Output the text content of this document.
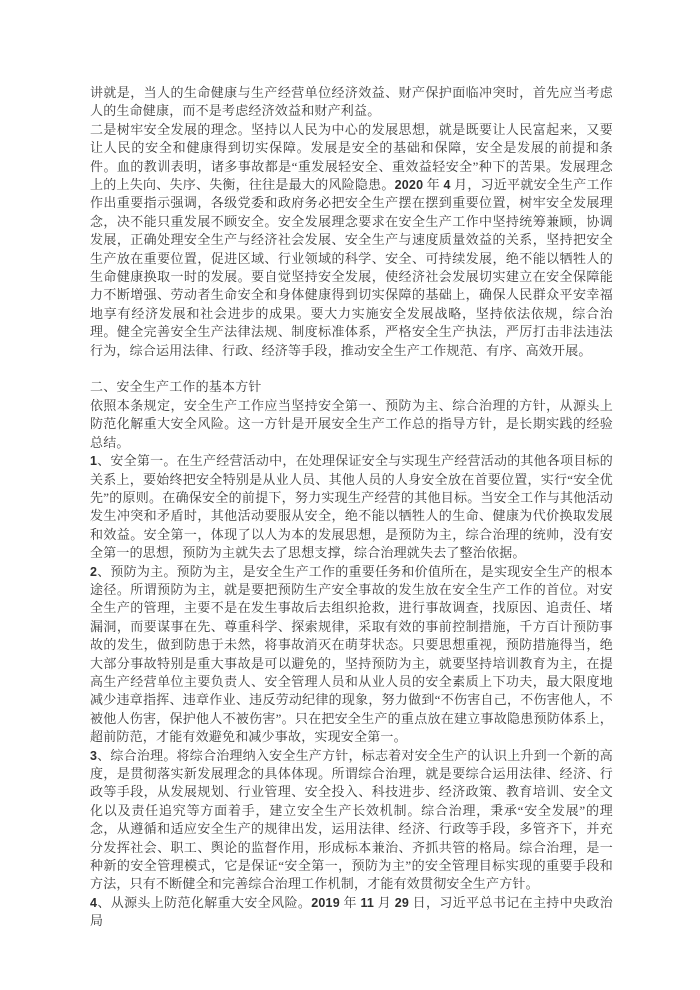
讲就是，当人的生命健康与生产经营单位经济效益、财产保护面临冲突时，首先应当考虑人的生命健康，而不是考虑经济效益和财产利益。

二是树牢安全发展的理念。坚持以人民为中心的发展思想，就是既要让人民富起来，又要让人民的安全和健康得到切实保障。发展是安全的基础和保障，安全是发展的前提和条件。血的教训表明，诸多事故都是“重发展轻安全、重效益轻安全”种下的苦果。发展理念上的上失向、失序、失衡，往往是最大的风险隐患。2020 年 4 月，习近平就安全生产工作作出重要指示强调，各级党委和政府务必把安全生产摆在摆到重要位置，树牢安全发展理念，决不能只重发展不顾安全。安全发展理念要求在安全生产工作中坚持统筹兼顾，协调发展，正确处理安全生产与经济社会发展、安全生产与速度质量效益的关系，坚持把安全生产放在重要位置，促进区域、行业领域的科学、安全、可持续发展，绝不能以牺牲人的生命健康换取一时的发展。要自觉坚持安全发展，使经济社会发展切实建立在安全保障能力不断增强、劳动者生命安全和身体健康得到切实保障的基础上，确保人民群众平安幸福地享有经济发展和社会进步的成果。要大力实施安全发展战略，坚持依法依规，综合治理。健全完善安全生产法律法规、制度标准体系，严格安全生产执法，严厉打击非法违法行为，综合运用法律、行政、经济等手段，推动安全生产工作规范、有序、高效开展。

二、安全生产工作的基本方针

依照本条规定，安全生产工作应当坚持安全第一、预防为主、综合治理的方针，从源头上防范化解重大安全风险。这一方针是开展安全生产工作总的指导方针，是长期实践的经验总结。

1、安全第一。在生产经营活动中，在处理保证安全与实现生产经营活动的其他各项目标的关系上，要始终把安全特别是从业人员、其他人员的人身安全放在首要位置，实行“安全优先”的原则。在确保安全的前提下，努力实现生产经营的其他目标。当安全工作与其他活动发生冲突和矛盾时，其他活动要服从安全，绝不能以牺牲人的生命、健康为代价换取发展和效益。安全第一，体现了以人为本的发展思想，是预防为主，综合治理的统帅，没有安全第一的思想，预防为主就失去了思想支撑，综合治理就失去了整治依据。

2、预防为主。预防为主，是安全生产工作的重要任务和价值所在，是实现安全生产的根本途径。所谓预防为主，就是要把预防生产安全事故的发生放在安全生产工作的首位。对安全生产的管理，主要不是在发生事故后去组织抢救，进行事故调查，找原因、追责任、堵漏洞，而要谋事在先、尊重科学、探索规律，采取有效的事前控制措施，千方百计预防事故的发生，做到防患于未然，将事故消灭在萌芽状态。只要思想重视，预防措施得当，绝大部分事故特别是重大事故是可以避免的，坚持预防为主，就要坚持培训教育为主，在提高生产经营单位主要负责人、安全管理人员和从业人员的安全素质上下功夫，最大限度地减少违章指挥、违章作业、违反劳动纪律的现象，努力做到“不伤害自己，不伤害他人，不被他人伤害，保护他人不被伤害”。只在把安全生产的重点放在建立事故隐患预防体系上，超前防范，才能有效避免和减少事故，实现安全第一。

3、综合治理。将综合治理纳入安全生产方针，标志着对安全生产的认识上升到一个新的高度，是贯彻落实新发展理念的具体体现。所谓综合治理，就是要综合运用法律、经济、行政等手段，从发展规划、行业管理、安全投入、科技进步、经济政策、教育培训、安全文化以及责任追究等方面着手，建立安全生产长效机制。综合治理，秉承“安全发展”的理念，从遵循和适应安全生产的规律出发，运用法律、经济、行政等手段，多管齐下，并充分发挥社会、职工、舆论的监督作用，形成标本兼治、齐抓共管的格局。综合治理，是一种新的安全管理模式，它是保证“安全第一，预防为主”的安全管理目标实现的重要手段和方法，只有不断健全和完善综合治理工作机制，才能有效贯彻安全生产方针。

4、从源头上防范化解重大安全风险。2019 年 11 月 29 日，习近平总书记在主持中央政治局
